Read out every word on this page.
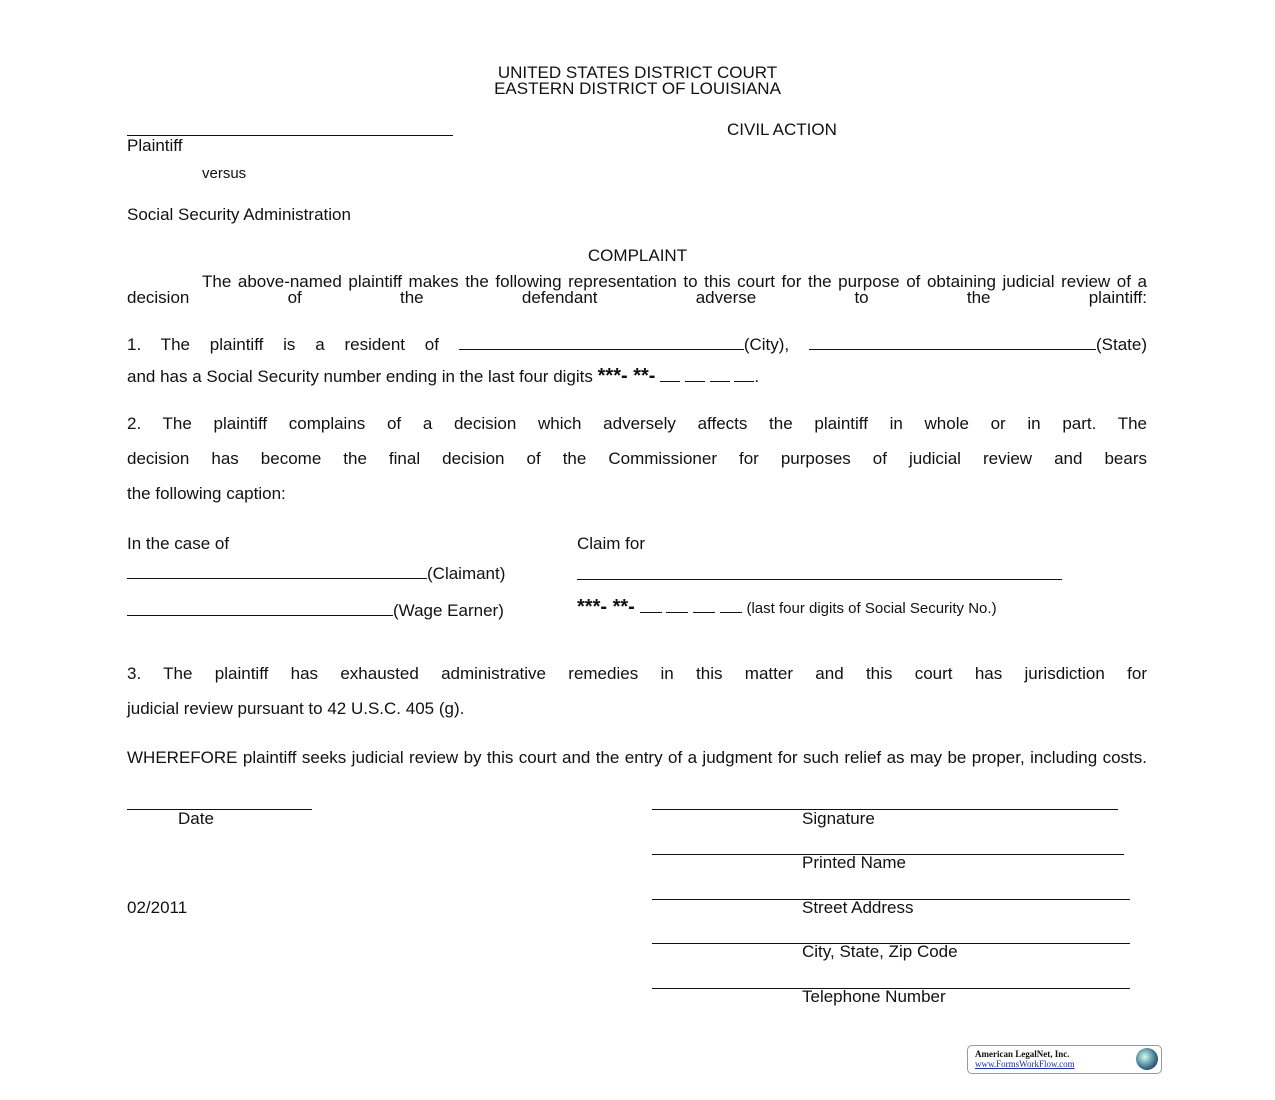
UNITED STATES DISTRICT COURT
EASTERN DISTRICT OF LOUISIANA
Plaintiff
CIVIL ACTION
versus
Social Security Administration
COMPLAINT
The above-named plaintiff makes the following representation to this court for the purpose of obtaining judicial review of a decision of the defendant adverse to the plaintiff:
1. The plaintiff is a resident of	(City),	(State)
and has a Social Security number ending in the last four digits ***- **-	.
2. The plaintiff complains of a decision which adversely affects the plaintiff in whole or in part. The
decision has become the final decision of the Commissioner for purposes of judicial review and bears
the following caption:
In the case of	Claim for
(Claimant)
(Wage Earner)	***- **-	(last four digits of Social Security No.)
3. The plaintiff has exhausted administrative remedies in this matter and this court has jurisdiction for
judicial review pursuant to 42 U.S.C. 405 (g).
WHEREFORE plaintiff seeks judicial review by this court and the entry of a judgment for such relief as may be proper, including costs.
Date	Signature
Printed Name
Street Address
City, State, Zip Code
Telephone Number
02/2011
American LegalNet, Inc.
www.FormsWorkFlow.com
